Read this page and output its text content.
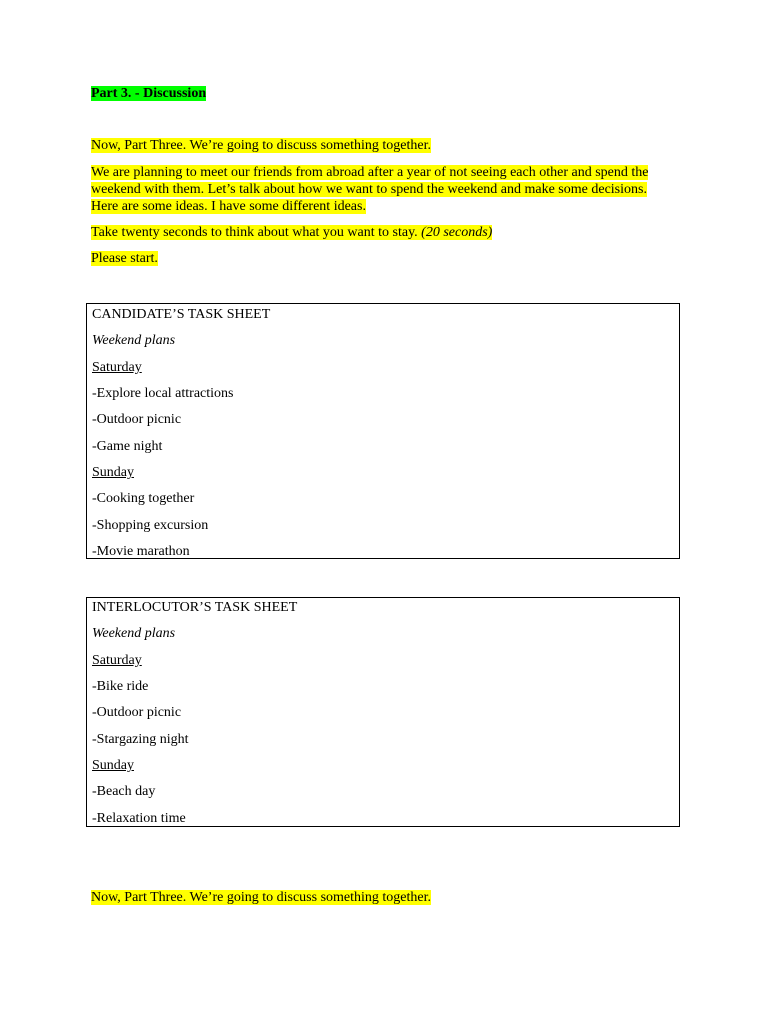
Part 3. - Discussion
Now, Part Three. We’re going to discuss something together.
We are planning to meet our friends from abroad after a year of not seeing each other and spend the
weekend with them. Let’s talk about how we want to spend the weekend and make some decisions.
Here are some ideas. I have some different ideas.
Take twenty seconds to think about what you want to stay. (20 seconds)
Please start.
CANDIDATE’S TASK SHEET
Weekend plans
Saturday
-Explore local attractions
-Outdoor picnic
-Game night
Sunday
-Cooking together
-Shopping excursion
-Movie marathon
INTERLOCUTOR’S TASK SHEET
Weekend plans
Saturday
-Bike ride
-Outdoor picnic
-Stargazing night
Sunday
-Beach day
-Relaxation time
Now, Part Three. We’re going to discuss something together.
